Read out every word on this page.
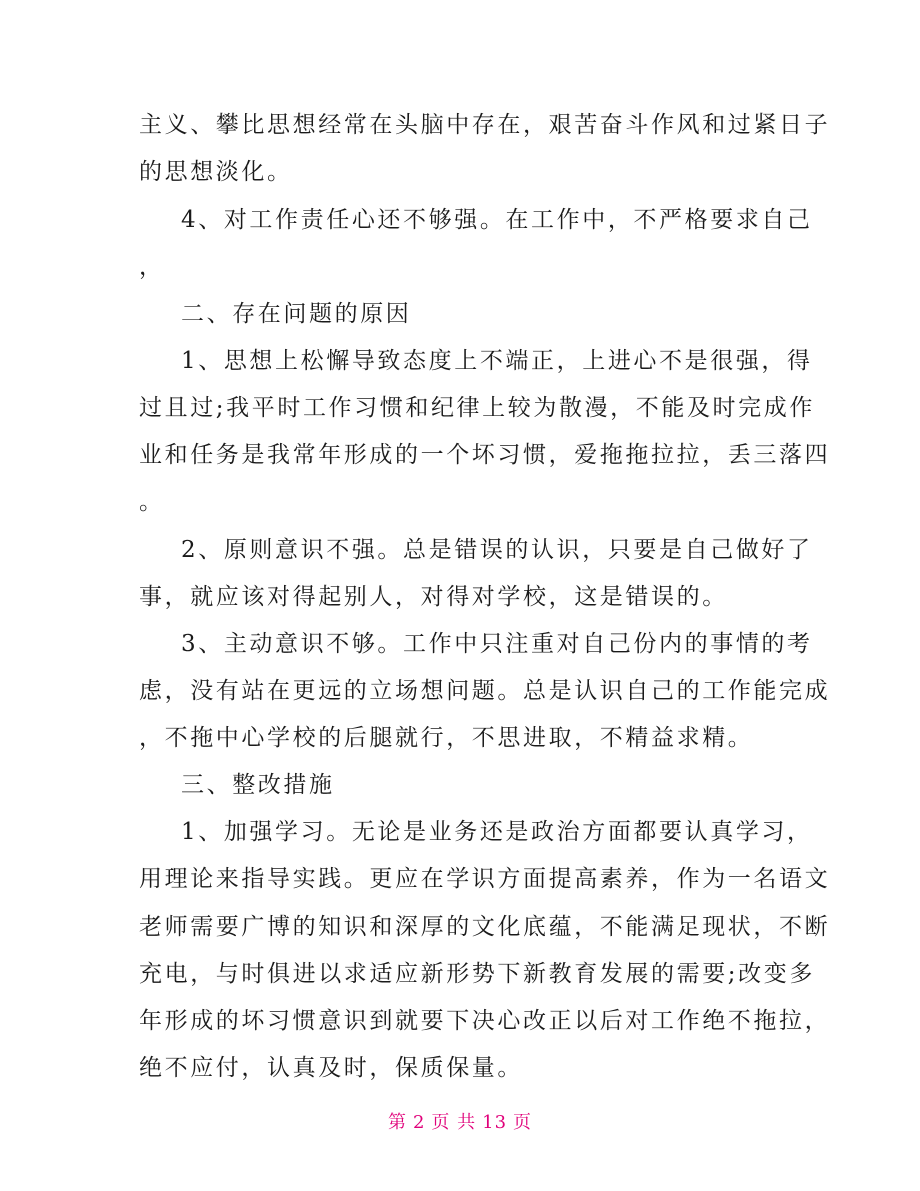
主义、攀比思想经常在头脑中存在，艰苦奋斗作风和过紧日子
的思想淡化。
4、对工作责任心还不够强。在工作中，不严格要求自己
，
二、存在问题的原因
1、思想上松懈导致态度上不端正，上进心不是很强，得
过且过;我平时工作习惯和纪律上较为散漫，不能及时完成作
业和任务是我常年形成的一个坏习惯，爱拖拖拉拉，丢三落四
。
2、原则意识不强。总是错误的认识，只要是自己做好了
事，就应该对得起别人，对得对学校，这是错误的。
3、主动意识不够。工作中只注重对自己份内的事情的考
虑，没有站在更远的立场想问题。总是认识自己的工作能完成
，不拖中心学校的后腿就行，不思进取，不精益求精。
三、整改措施
1、加强学习。无论是业务还是政治方面都要认真学习，
用理论来指导实践。更应在学识方面提高素养，作为一名语文
老师需要广博的知识和深厚的文化底蕴，不能满足现状，不断
充电，与时俱进以求适应新形势下新教育发展的需要;改变多
年形成的坏习惯意识到就要下决心改正以后对工作绝不拖拉，
绝不应付，认真及时，保质保量。
第 2 页 共 13 页
